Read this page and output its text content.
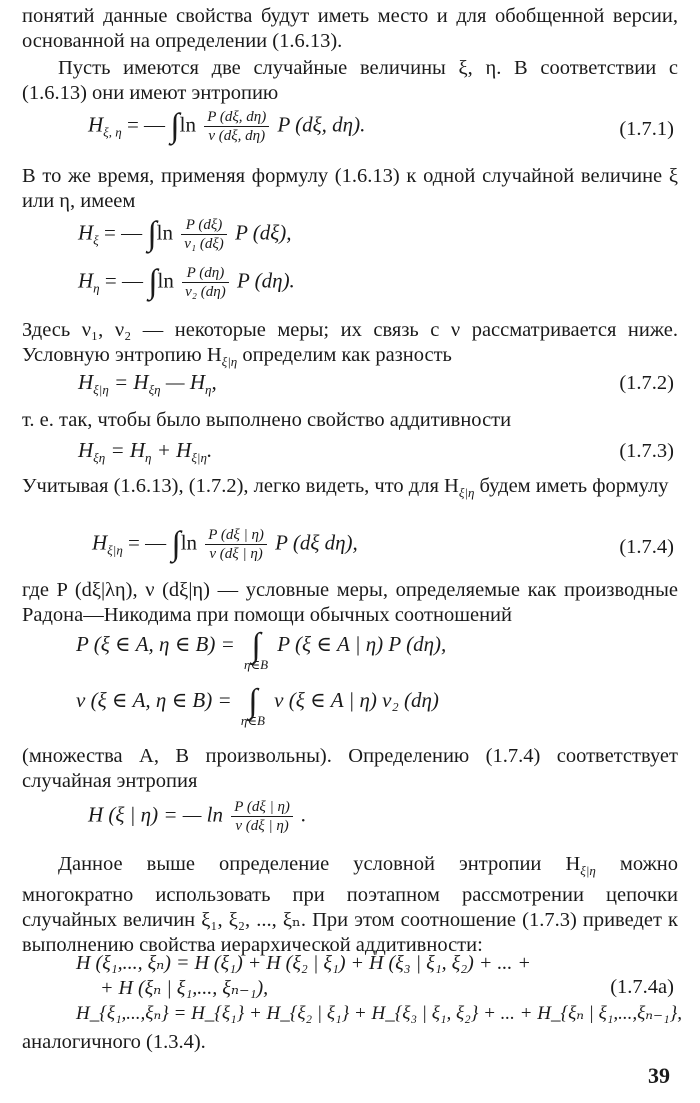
понятий данные свойства будут иметь место и для обобщенной версии, основанной на определении (1.6.13).

Пусть имеются две случайные величины ξ, η. В соответствии с (1.6.13) они имеют энтропию

$H_{\xi, \eta}$ = — $\int\ln \frac{P (d\xi, d\eta)}{\nu (d\xi, d\eta)}$ P (dξ, dη).	(1.7.1)

В то же время, применяя формулу (1.6.13) к одной случайной величине ξ или η, имеем

$H_\xi$ = — $\int\ln \frac{P (d\xi)}{\text{ν₁ (dξ)}}$ P (dξ),
$H_\eta$ = — $\int\ln \frac{P (d\eta)}{\text{ν₂ (dη)}}$ P (dη).

Здесь ν₁, ν₂ — некоторые меры; их связь с ν рассматривается ниже. Условную энтропию $H_{\xi|\eta}$ определим как разность

$H_{\xi|\eta} = H_{\xi\eta}$ — $H_\eta$,	(1.7.2)

т. е. так, чтобы было выполнено свойство аддитивности

$H_{\xi\eta} = H_\eta + H_{\xi|\eta}$.	(1.7.3)

Учитывая (1.6.13), (1.7.2), легко видеть, что для $H_{\xi|\eta}$ будем иметь формулу

$H_{\xi|\eta}$ = — $\int\ln \frac{P (d\xi | \eta)}{\nu (d\xi | \eta)}$ P (dξ dη),	(1.7.4)

где P (dξ|λη), ν (dξ|η) — условные меры, определяемые как производные Радона—Никодима при помощи обычных соотношений

P (ξ ∈ A, η ∈ B) = ∫
η∈B
P (ξ ∈ A | η) P (dη),
ν (ξ ∈ A, η ∈ B) = ∫
η∈B
ν (ξ ∈ A | η) ν₂ (dη)

(множества A, B произвольны). Определению (1.7.4) соответствует случайная энтропия

H (ξ | η) = — $\ln \frac{P (d\xi | \eta)}{\nu (d\xi | \eta)}$ .

Данное выше определение условной энтропии $H_{\xi|\eta}$ можно многократно использовать при поэтапном рассмотрении цепочки случайных величин ξ₁, ξ₂, ..., ξₙ. При этом соотношение (1.7.3) приведет к выполнению свойства иерархической аддитивности:

H (ξ₁,..., ξₙ) = H (ξ₁) + H (ξ₂ | ξ₁) + H (ξ₃ | ξ₁, ξ₂) + ... +
+ H (ξₙ | ξ₁,..., ξₙ₋₁),	(1.7.4а)
H_{ξ₁,...,ξₙ} = H_{ξ₁} + H_{ξ₂ | ξ₁} + H_{ξ₃ | ξ₁, ξ₂} + ... + H_{ξₙ | ξ₁,...,ξₙ₋₁},

аналогичного (1.3.4).

39
